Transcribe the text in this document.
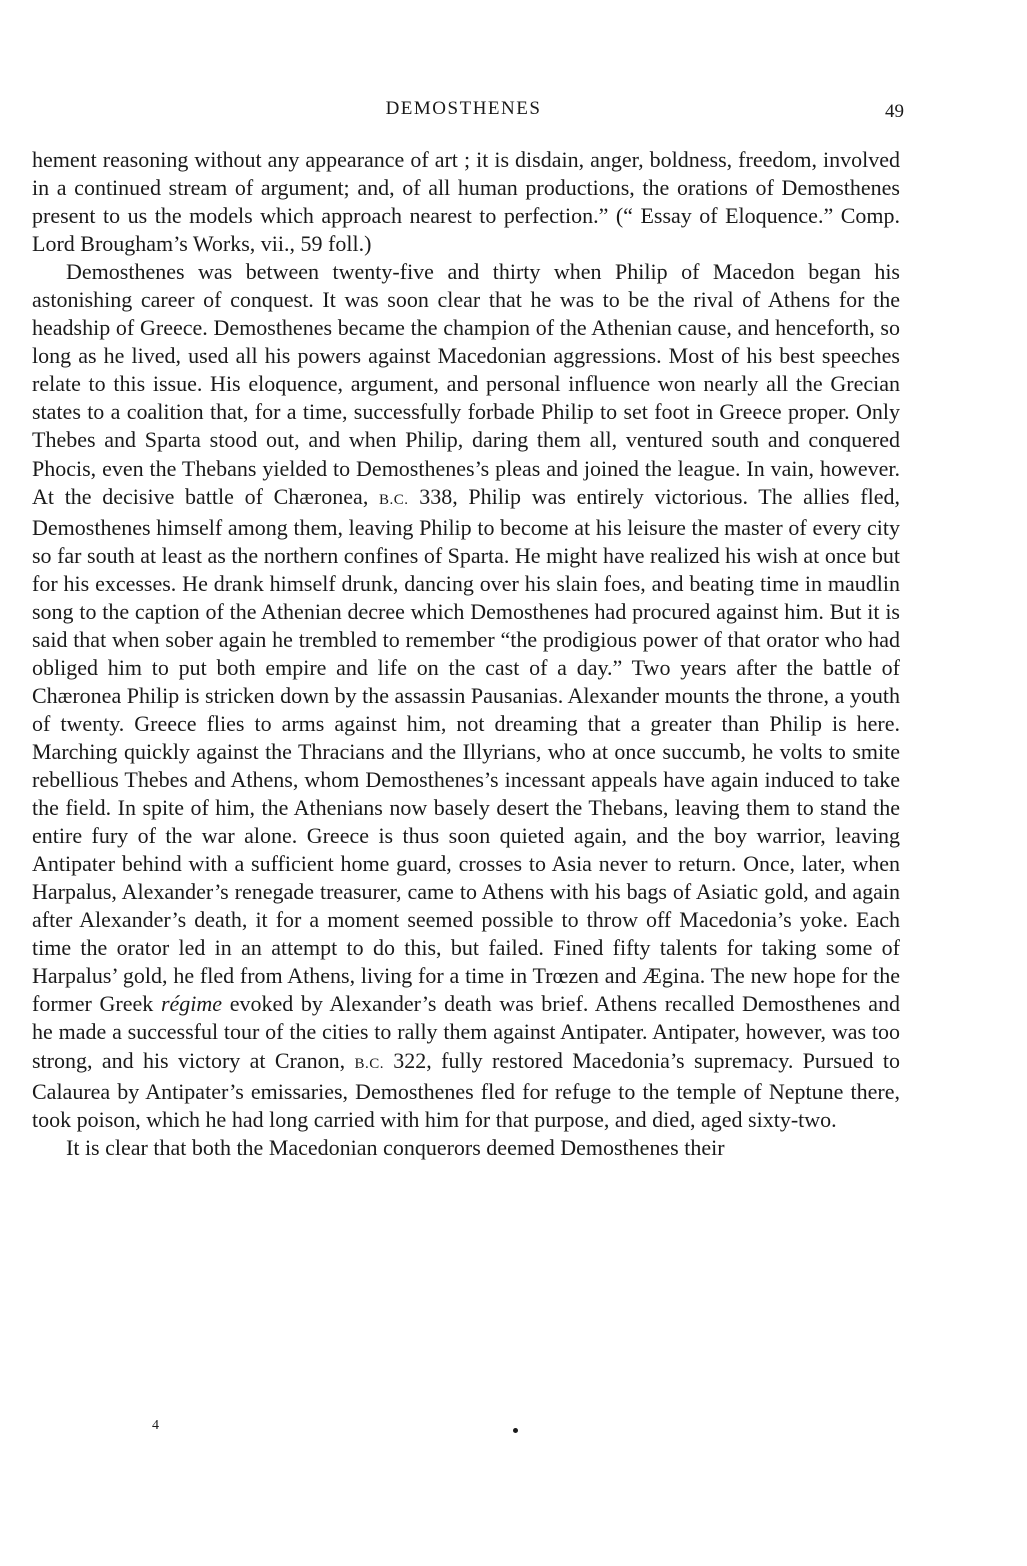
DEMOSTHENES	49

hement reasoning without any appearance of art ; it is disdain, anger, boldness, freedom, involved in a continued stream of argument; and, of all human productions, the orations of Demosthenes present to us the models which approach nearest to perfection.” (“ Essay of Eloquence.” Comp. Lord Brougham’s Works, vii., 59 foll.)

Demosthenes was between twenty-five and thirty when Philip of Macedon began his astonishing career of conquest. It was soon clear that he was to be the rival of Athens for the headship of Greece. Demosthenes became the champion of the Athenian cause, and henceforth, so long as he lived, used all his powers against Macedonian aggressions. Most of his best speeches relate to this issue. His eloquence, argument, and personal influence won nearly all the Grecian states to a coalition that, for a time, successfully forbade Philip to set foot in Greece proper. Only Thebes and Sparta stood out, and when Philip, daring them all, ventured south and conquered Phocis, even the Thebans yielded to Demosthenes’s pleas and joined the league. In vain, however. At the decisive battle of Chæronea, B.C. 338, Philip was entirely victorious. The allies fled, Demosthenes himself among them, leaving Philip to become at his leisure the master of every city so far south at least as the northern confines of Sparta. He might have realized his wish at once but for his excesses. He drank himself drunk, dancing over his slain foes, and beating time in maudlin song to the caption of the Athenian decree which Demosthenes had procured against him. But it is said that when sober again he trembled to remember “the prodigious power of that orator who had obliged him to put both empire and life on the cast of a day.” Two years after the battle of Chæronea Philip is stricken down by the assassin Pausanias. Alexander mounts the throne, a youth of twenty. Greece flies to arms against him, not dreaming that a greater than Philip is here. Marching quickly against the Thracians and the Illyrians, who at once succumb, he volts to smite rebellious Thebes and Athens, whom Demosthenes’s incessant appeals have again induced to take the field. In spite of him, the Athenians now basely desert the Thebans, leaving them to stand the entire fury of the war alone. Greece is thus soon quieted again, and the boy warrior, leaving Antipater behind with a sufficient home guard, crosses to Asia never to return. Once, later, when Harpalus, Alexander’s renegade treasurer, came to Athens with his bags of Asiatic gold, and again after Alexander’s death, it for a moment seemed possible to throw off Macedonia’s yoke. Each time the orator led in an attempt to do this, but failed. Fined fifty talents for taking some of Harpalus’ gold, he fled from Athens, living for a time in Trœzen and Ægina. The new hope for the former Greek régime evoked by Alexander’s death was brief. Athens recalled Demosthenes and he made a successful tour of the cities to rally them against Antipater. Antipater, however, was too strong, and his victory at Cranon, B.C. 322, fully restored Macedonia’s supremacy. Pursued to Calaurea by Antipater’s emissaries, Demosthenes fled for refuge to the temple of Neptune there, took poison, which he had long carried with him for that purpose, and died, aged sixty-two.

It is clear that both the Macedonian conquerors deemed Demosthenes their

4
